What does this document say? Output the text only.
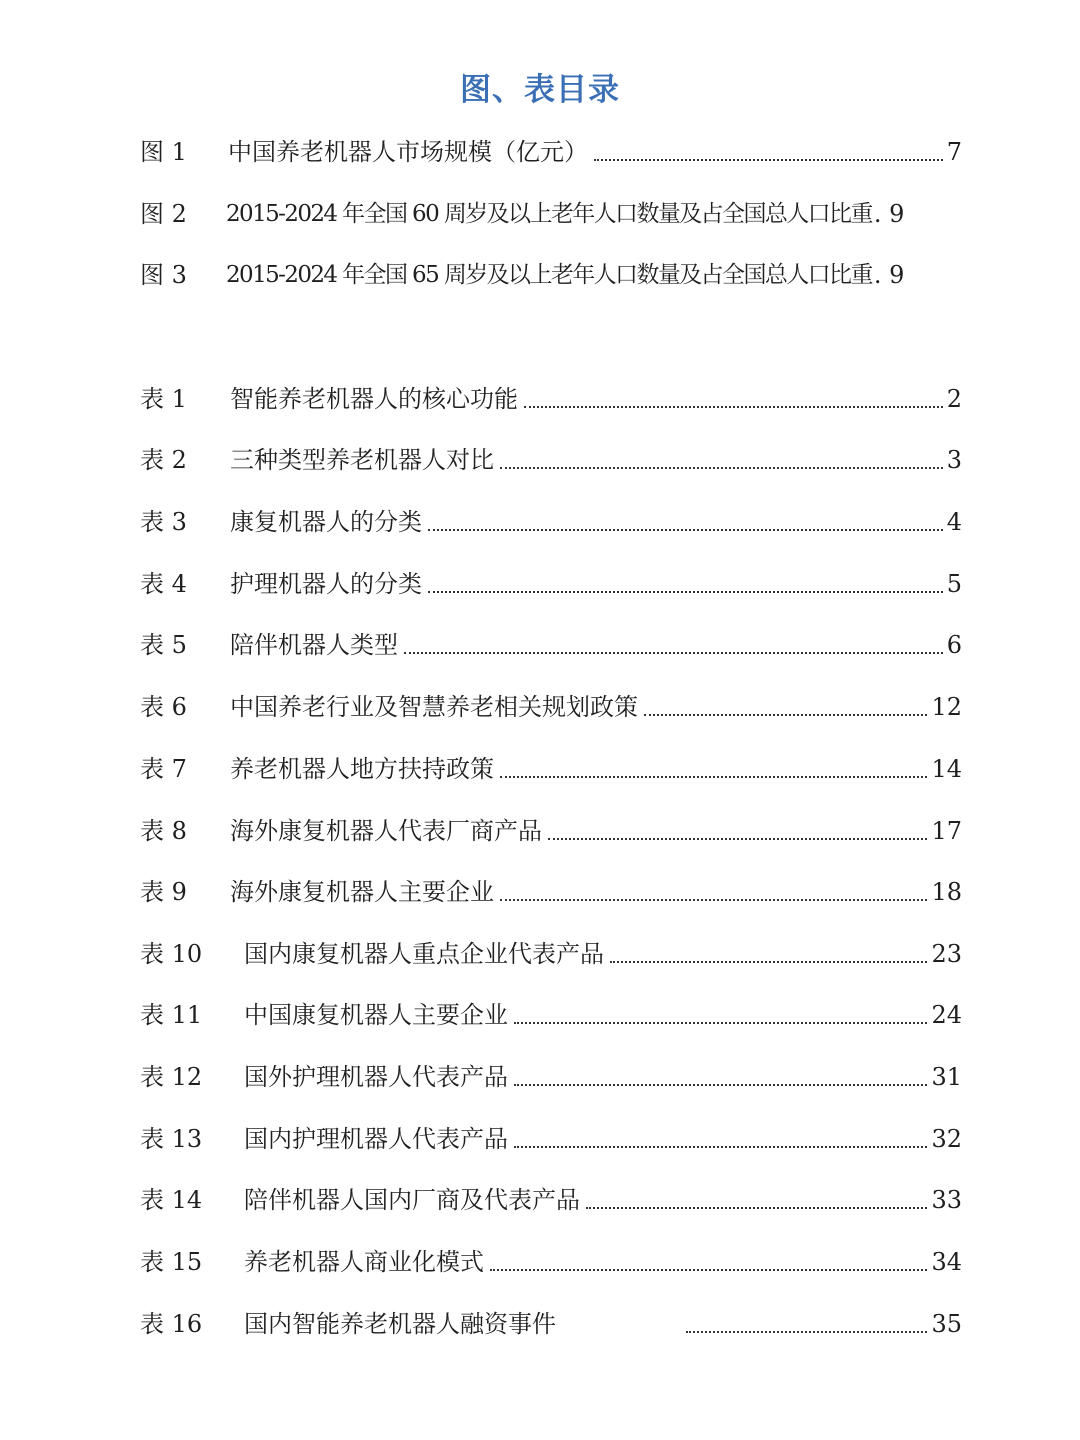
图、表目录
图 1	中国养老机器人市场规模（亿元）	7
图 2	2015-2024 年全国 60 周岁及以上老年人口数量及占全国总人口比重 . 9
图 3	2015-2024 年全国 65 周岁及以上老年人口数量及占全国总人口比重 . 9
表 1	智能养老机器人的核心功能	2
表 2	三种类型养老机器人对比	3
表 3	康复机器人的分类	4
表 4	护理机器人的分类	5
表 5	陪伴机器人类型	6
表 6	中国养老行业及智慧养老相关规划政策	12
表 7	养老机器人地方扶持政策	14
表 8	海外康复机器人代表厂商产品	17
表 9	海外康复机器人主要企业	18
表 10	国内康复机器人重点企业代表产品	23
表 11	中国康复机器人主要企业	24
表 12	国外护理机器人代表产品	31
表 13	国内护理机器人代表产品	32
表 14	陪伴机器人国内厂商及代表产品	33
表 15	养老机器人商业化模式	34
表 16	国内智能养老机器人融资事件	35
